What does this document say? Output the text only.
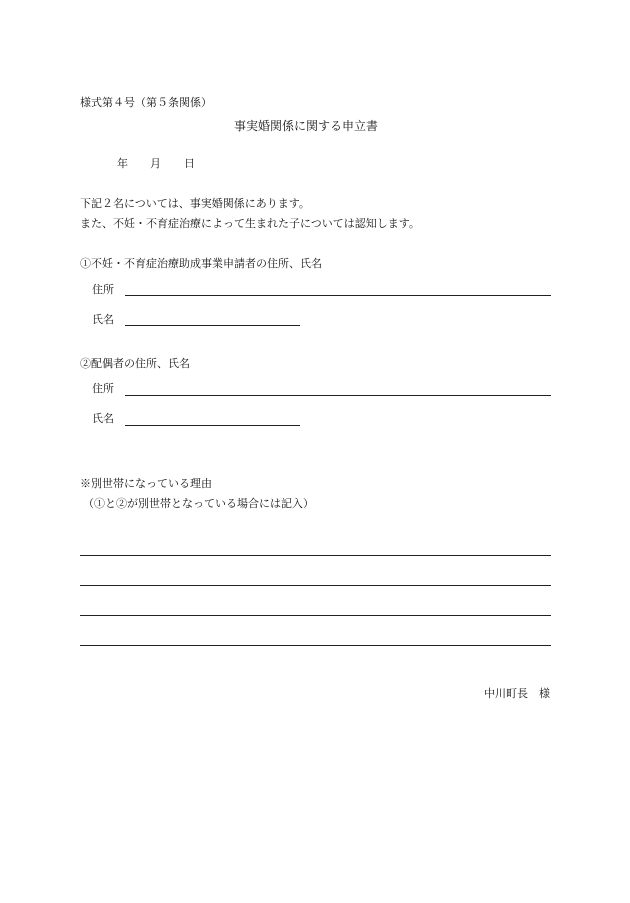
様式第４号（第５条関係）
事実婚関係に関する申立書
年 月 日
下記２名については、事実婚関係にあります。
また、不妊・不育症治療によって生まれた子については認知します。
①不妊・不育症治療助成事業申請者の住所、氏名
住所
氏名
②配偶者の住所、氏名
住所
氏名
※別世帯になっている理由
（①と②が別世帯となっている場合には記入）
中川町長　様
